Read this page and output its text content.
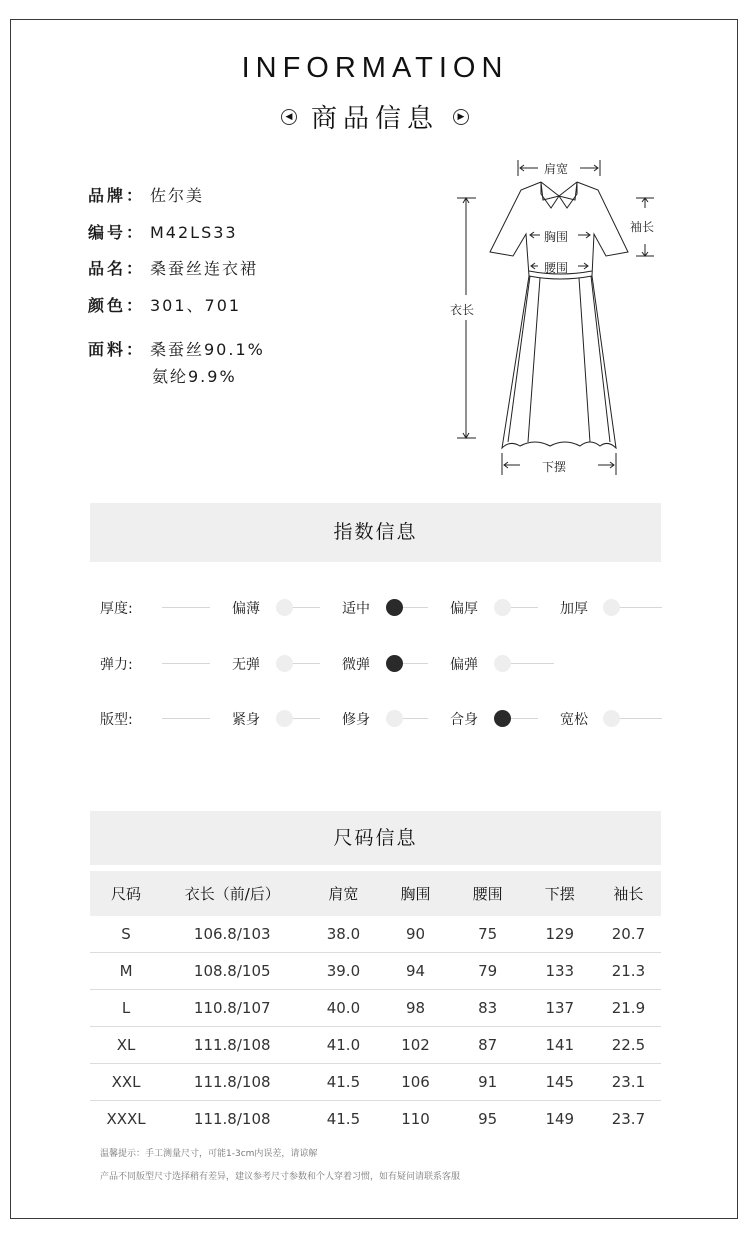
INFORMATION
◀ 商品信息 ▶
品牌： 佐尔美
编号： M42LS33
品名： 桑蚕丝连衣裙
颜色： 301、701
面料： 桑蚕丝90.1%
氨纶9.9%
肩宽
袖长
胸围
腰围
衣长
下摆
指数信息
厚度:	偏薄	适中	偏厚	加厚
弹力:	无弹	微弹	偏弹
版型:	紧身	修身	合身	宽松
尺码信息
尺码	衣长（前/后）	肩宽	胸围	腰围	下摆	袖长
S	106.8/103	38.0	90	75	129	20.7
M	108.8/105	39.0	94	79	133	21.3
L	110.8/107	40.0	98	83	137	21.9
XL	111.8/108	41.0	102	87	141	22.5
XXL	111.8/108	41.5	106	91	145	23.1
XXXL	111.8/108	41.5	110	95	149	23.7
温馨提示：手工测量尺寸，可能1-3cm内误差，请谅解
产品不同版型尺寸选择稍有差异，建议参考尺寸参数和个人穿着习惯，如有疑问请联系客服
